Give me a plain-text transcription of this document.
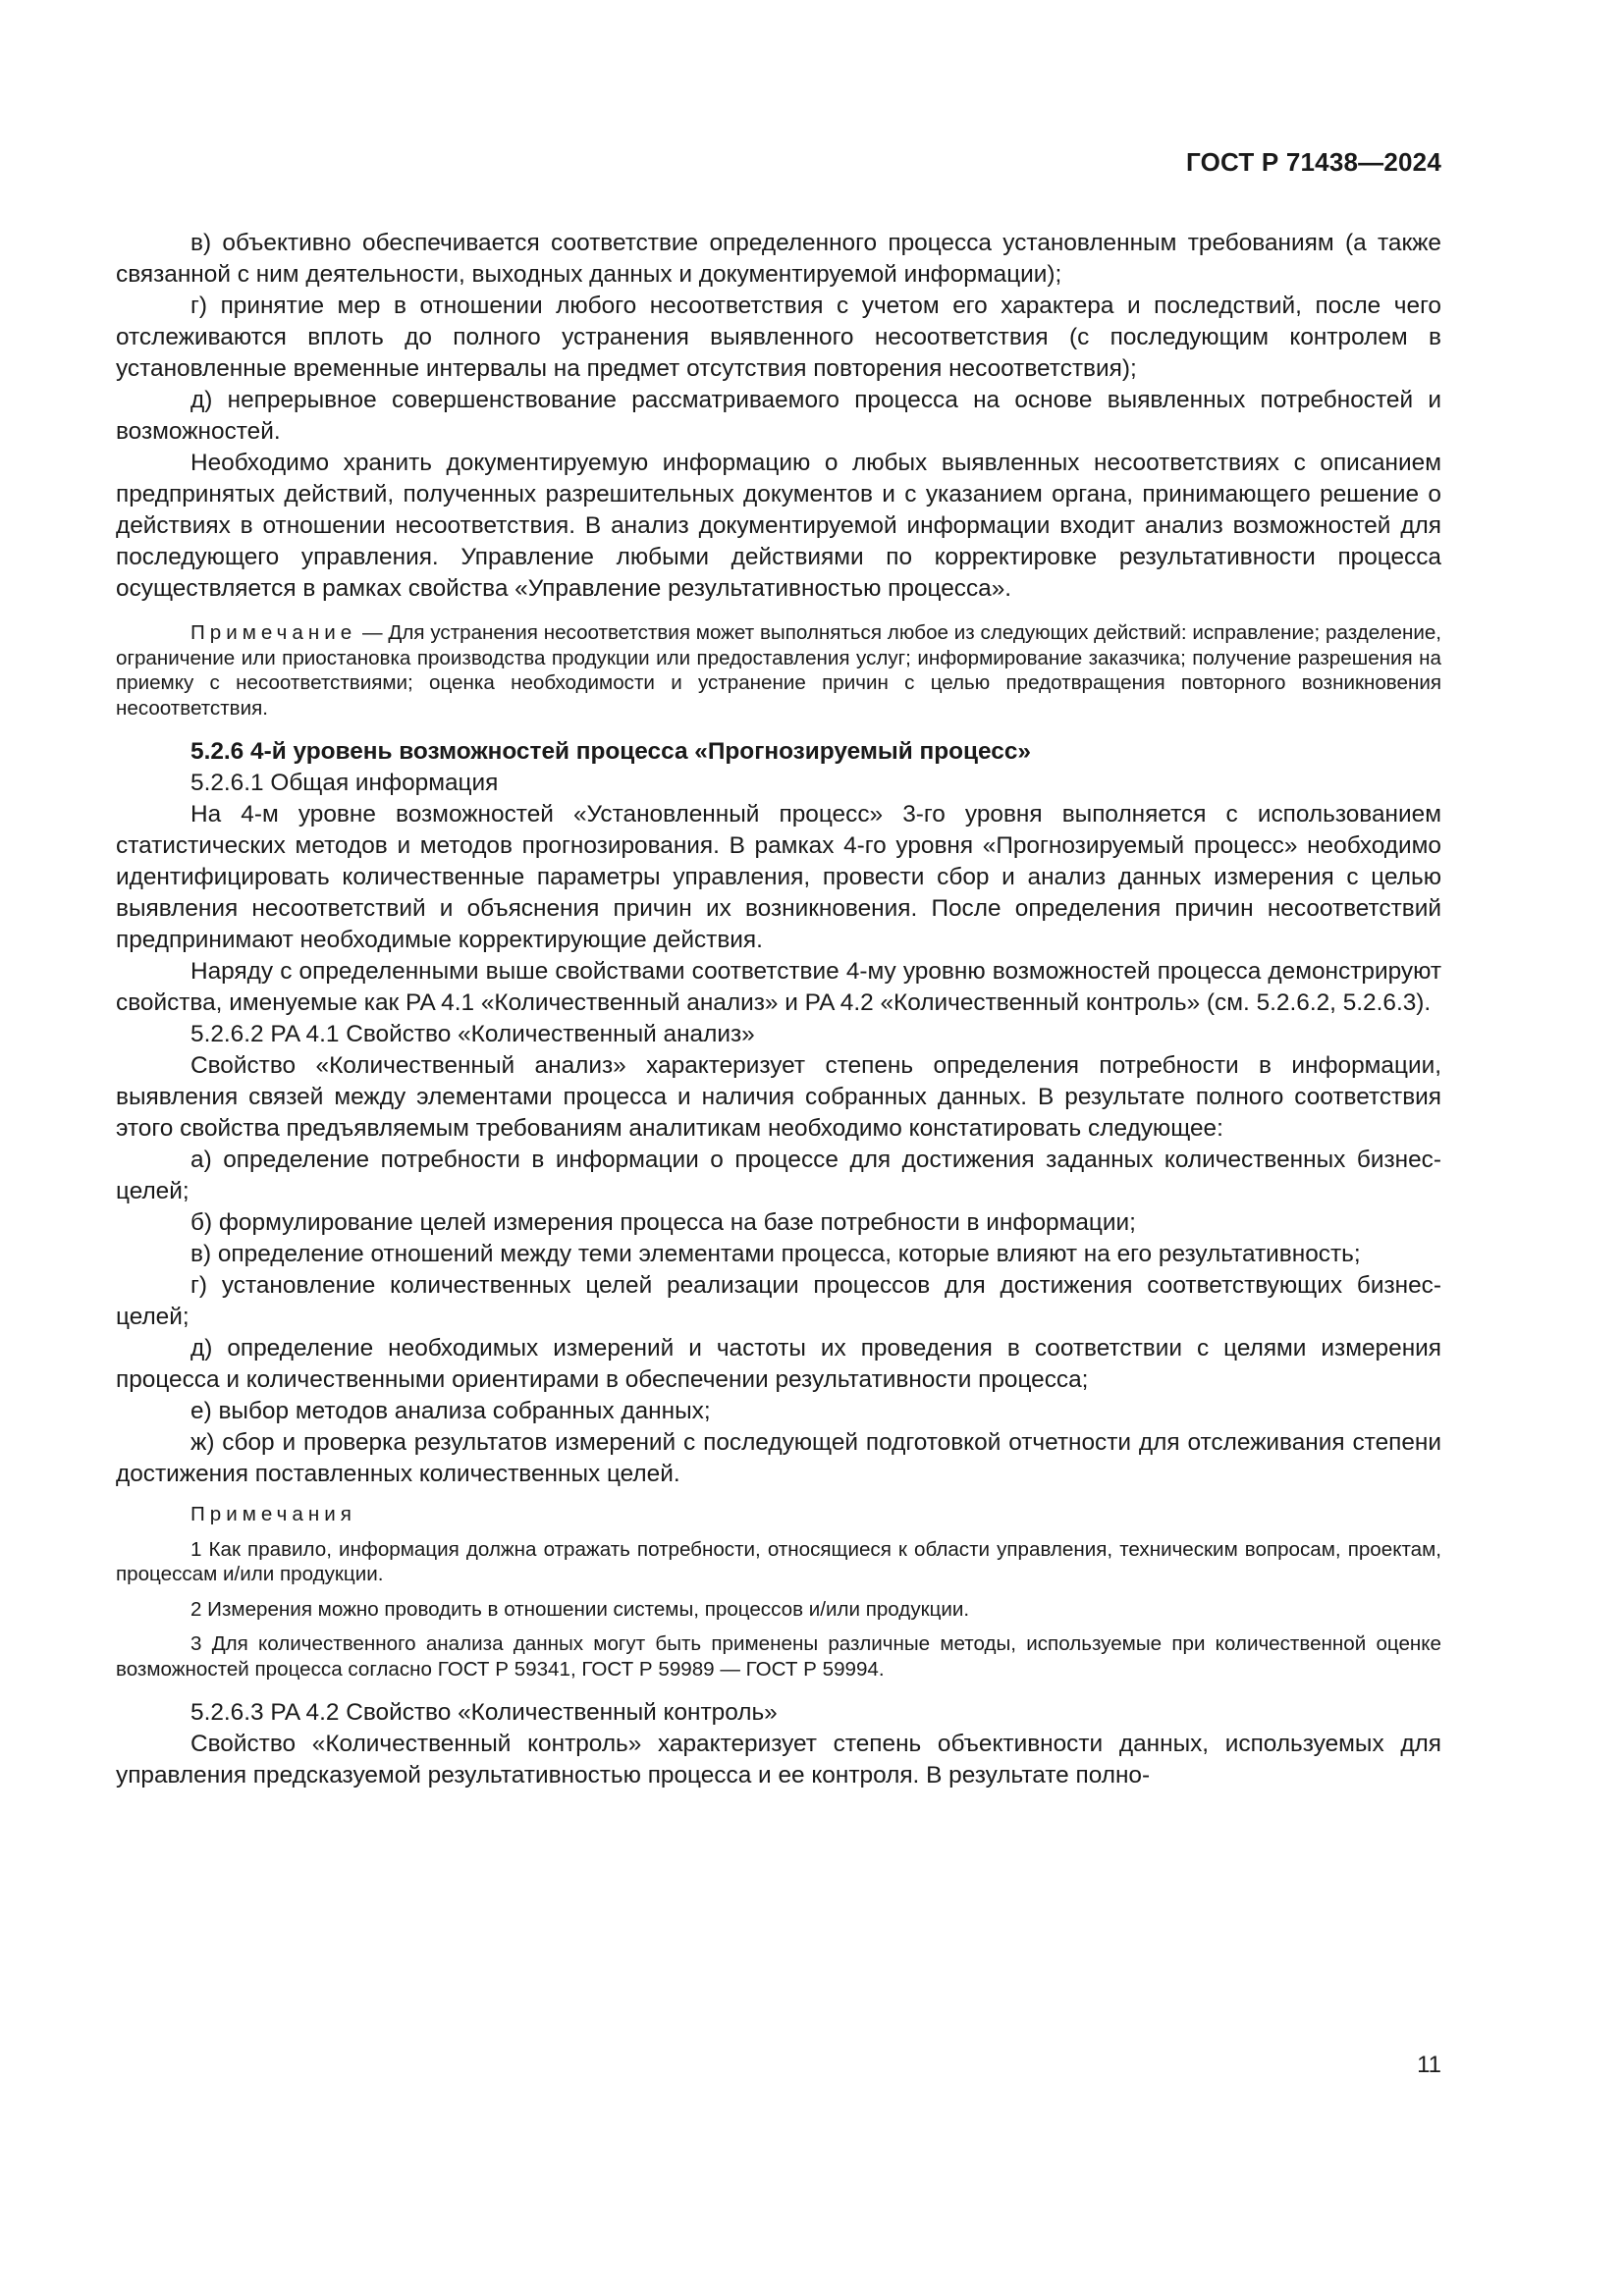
ГОСТ Р 71438—2024

в) объективно обеспечивается соответствие определенного процесса установленным требованиям (а также связанной с ним деятельности, выходных данных и документируемой информации);

г) принятие мер в отношении любого несоответствия с учетом его характера и последствий, после чего отслеживаются вплоть до полного устранения выявленного несоответствия (с последующим контролем в установленные временные интервалы на предмет отсутствия повторения несоответствия);

д) непрерывное совершенствование рассматриваемого процесса на основе выявленных потребностей и возможностей.

Необходимо хранить документируемую информацию о любых выявленных несоответствиях с описанием предпринятых действий, полученных разрешительных документов и с указанием органа, принимающего решение о действиях в отношении несоответствия. В анализ документируемой информации входит анализ возможностей для последующего управления. Управление любыми действиями по корректировке результативности процесса осуществляется в рамках свойства «Управление результативностью процесса».

Примечание — Для устранения несоответствия может выполняться любое из следующих действий: исправление; разделение, ограничение или приостановка производства продукции или предоставления услуг; информирование заказчика; получение разрешения на приемку с несоответствиями; оценка необходимости и устранение причин с целью предотвращения повторного возникновения несоответствия.

5.2.6 4-й уровень возможностей процесса «Прогнозируемый процесс»

5.2.6.1 Общая информация

На 4-м уровне возможностей «Установленный процесс» 3-го уровня выполняется с использованием статистических методов и методов прогнозирования. В рамках 4-го уровня «Прогнозируемый процесс» необходимо идентифицировать количественные параметры управления, провести сбор и анализ данных измерения с целью выявления несоответствий и объяснения причин их возникновения. После определения причин несоответствий предпринимают необходимые корректирующие действия.

Наряду с определенными выше свойствами соответствие 4-му уровню возможностей процесса демонстрируют свойства, именуемые как PA 4.1 «Количественный анализ» и PA 4.2 «Количественный контроль» (см. 5.2.6.2, 5.2.6.3).

5.2.6.2 PA 4.1 Свойство «Количественный анализ»

Свойство «Количественный анализ» характеризует степень определения потребности в информации, выявления связей между элементами процесса и наличия собранных данных. В результате полного соответствия этого свойства предъявляемым требованиям аналитикам необходимо констатировать следующее:

а) определение потребности в информации о процессе для достижения заданных количественных бизнес-целей;

б) формулирование целей измерения процесса на базе потребности в информации;

в) определение отношений между теми элементами процесса, которые влияют на его результативность;

г) установление количественных целей реализации процессов для достижения соответствующих бизнес-целей;

д) определение необходимых измерений и частоты их проведения в соответствии с целями измерения процесса и количественными ориентирами в обеспечении результативности процесса;

е) выбор методов анализа собранных данных;

ж) сбор и проверка результатов измерений с последующей подготовкой отчетности для отслеживания степени достижения поставленных количественных целей.

Примечания

1 Как правило, информация должна отражать потребности, относящиеся к области управления, техническим вопросам, проектам, процессам и/или продукции.

2 Измерения можно проводить в отношении системы, процессов и/или продукции.

3 Для количественного анализа данных могут быть применены различные методы, используемые при количественной оценке возможностей процесса согласно ГОСТ Р 59341, ГОСТ Р 59989 — ГОСТ Р 59994.

5.2.6.3 PA 4.2 Свойство «Количественный контроль»

Свойство «Количественный контроль» характеризует степень объективности данных, используемых для управления предсказуемой результативностью процесса и ее контроля. В результате полно-

11
